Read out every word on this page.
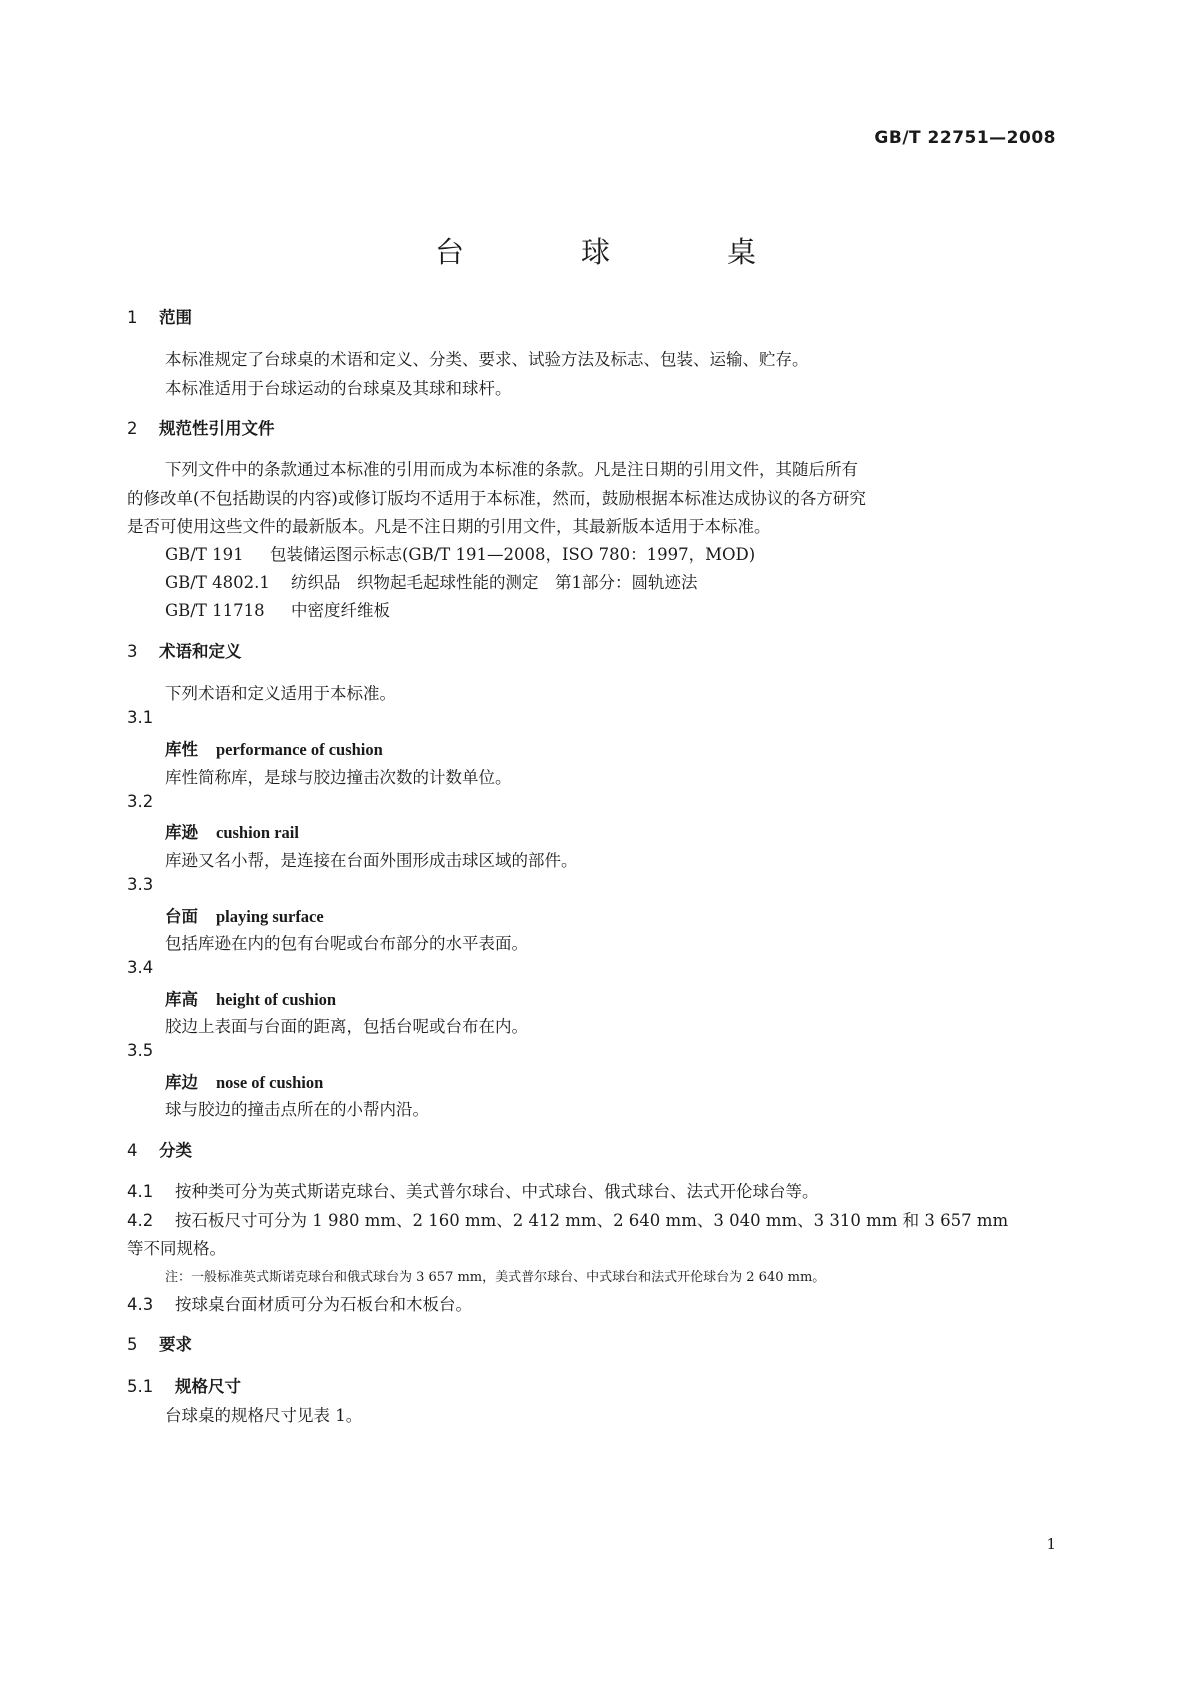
GB/T 22751—2008
台　球　桌
1 范围
本标准规定了台球桌的术语和定义、分类、要求、试验方法及标志、包装、运输、贮存。
本标准适用于台球运动的台球桌及其球和球杆。
2 规范性引用文件
下列文件中的条款通过本标准的引用而成为本标准的条款。凡是注日期的引用文件，其随后所有
的修改单(不包括勘误的内容)或修订版均不适用于本标准，然而，鼓励根据本标准达成协议的各方研究
是否可使用这些文件的最新版本。凡是不注日期的引用文件，其最新版本适用于本标准。
GB/T 191 包装储运图示标志(GB/T 191—2008，ISO 780：1997，MOD)
GB/T 4802.1 纺织品　织物起毛起球性能的测定　第1部分：圆轨迹法
GB/T 11718 中密度纤维板
3 术语和定义
下列术语和定义适用于本标准。
3.1
库性 performance of cushion
库性简称库，是球与胶边撞击次数的计数单位。
3.2
库逊 cushion rail
库逊又名小帮，是连接在台面外围形成击球区域的部件。
3.3
台面 playing surface
包括库逊在内的包有台呢或台布部分的水平表面。
3.4
库高 height of cushion
胶边上表面与台面的距离，包括台呢或台布在内。
3.5
库边 nose of cushion
球与胶边的撞击点所在的小帮内沿。
4 分类
4.1 按种类可分为英式斯诺克球台、美式普尔球台、中式球台、俄式球台、法式开伦球台等。
4.2 按石板尺寸可分为 1 980 mm、2 160 mm、2 412 mm、2 640 mm、3 040 mm、3 310 mm 和 3 657 mm
等不同规格。
注：一般标准英式斯诺克球台和俄式球台为 3 657 mm，美式普尔球台、中式球台和法式开伦球台为 2 640 mm。
4.3 按球桌台面材质可分为石板台和木板台。
5 要求
5.1 规格尺寸
台球桌的规格尺寸见表 1。
1
